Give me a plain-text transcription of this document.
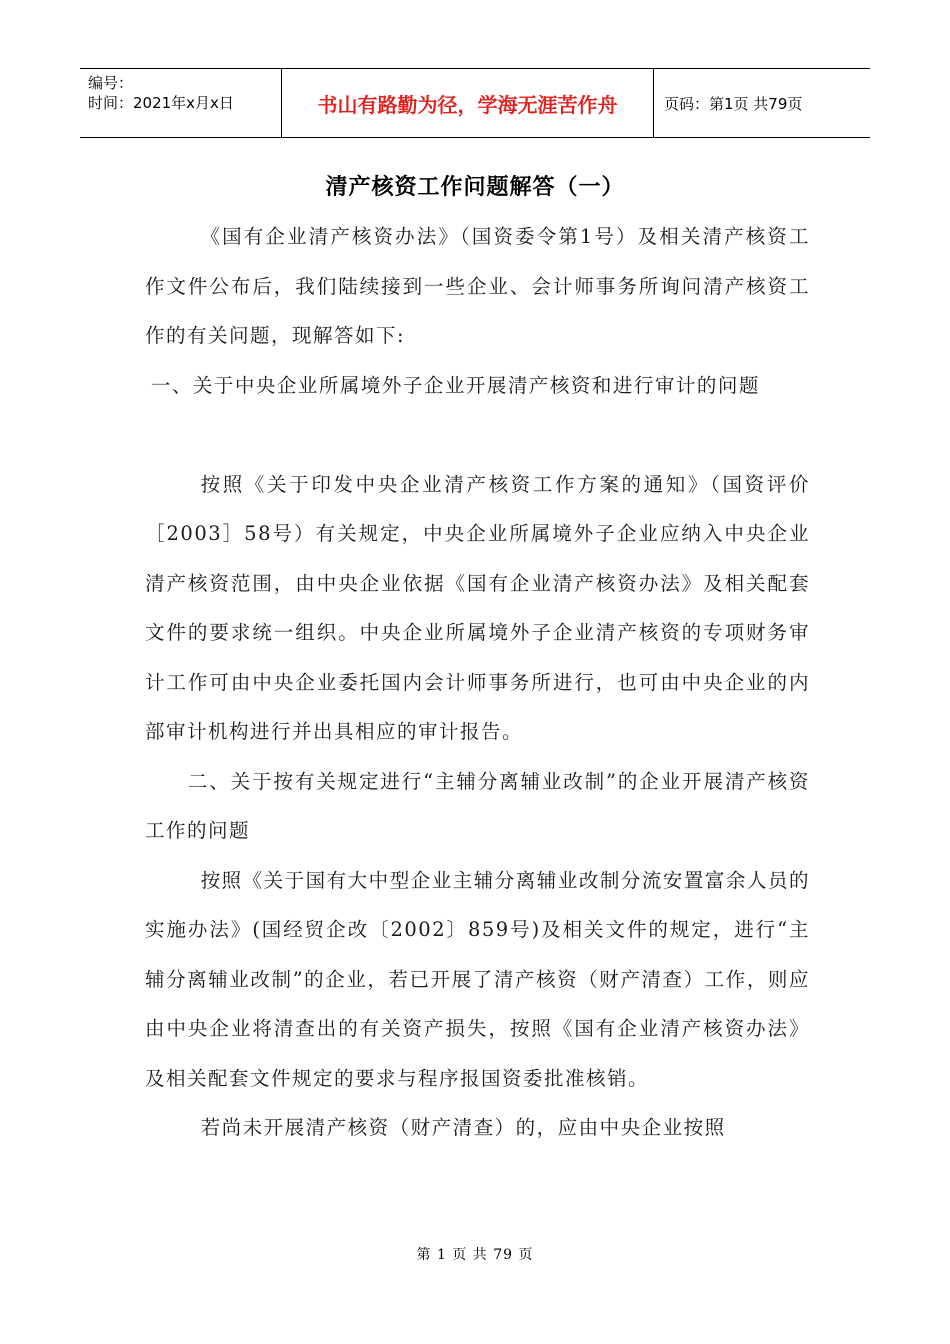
编号：
时间：2021年x月x日	书山有路勤为径，学海无涯苦作舟	页码：第1页 共79页
清产核资工作问题解答（一）

《国有企业清产核资办法》（国资委令第1号）及相关清产核资工作文件公布后，我们陆续接到一些企业、会计师事务所询问清产核资工作的有关问题，现解答如下:

一、关于中央企业所属境外子企业开展清产核资和进行审计的问题

按照《关于印发中央企业清产核资工作方案的通知》（国资评价［2003］58号）有关规定，中央企业所属境外子企业应纳入中央企业清产核资范围，由中央企业依据《国有企业清产核资办法》及相关配套文件的要求统一组织。中央企业所属境外子企业清产核资的专项财务审计工作可由中央企业委托国内会计师事务所进行，也可由中央企业的内部审计机构进行并出具相应的审计报告。

二、关于按有关规定进行“主辅分离辅业改制”的企业开展清产核资工作的问题

按照《关于国有大中型企业主辅分离辅业改制分流安置富余人员的实施办法》(国经贸企改〔2002〕859号)及相关文件的规定，进行“主辅分离辅业改制”的企业，若已开展了清产核资（财产清查）工作，则应由中央企业将清查出的有关资产损失，按照《国有企业清产核资办法》及相关配套文件规定的要求与程序报国资委批准核销。

若尚未开展清产核资（财产清查）的，应由中央企业按照

第 1 页 共 79 页
